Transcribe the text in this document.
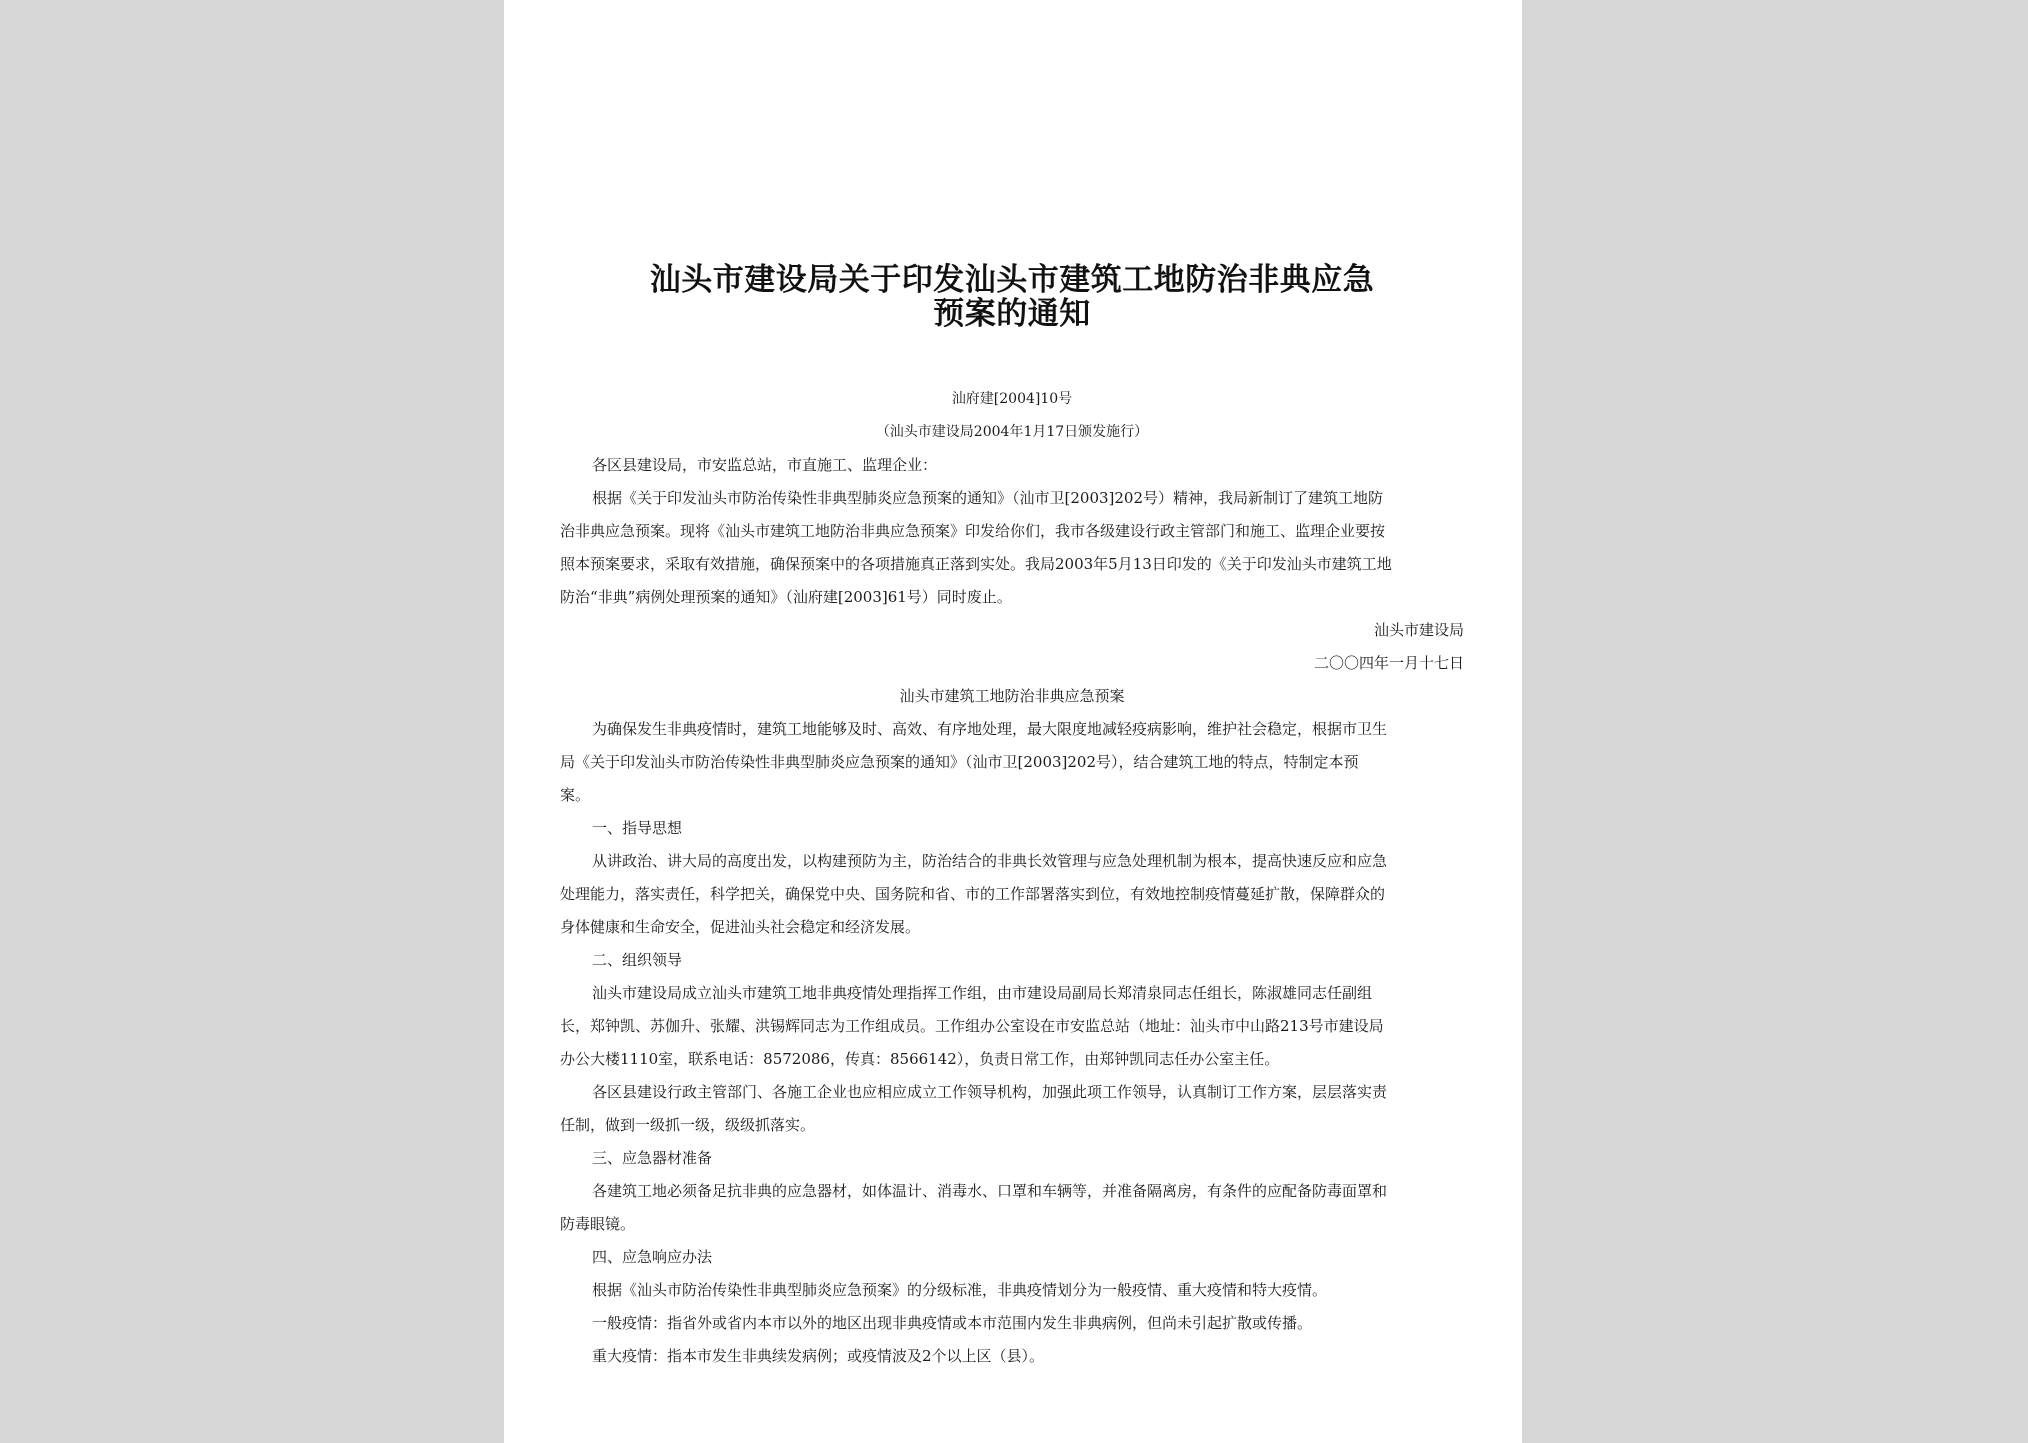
汕头市建设局关于印发汕头市建筑工地防治非典应急
预案的通知
汕府建[2004]10号
（汕头市建设局2004年1月17日颁发施行）
各区县建设局，市安监总站，市直施工、监理企业：
根据《关于印发汕头市防治传染性非典型肺炎应急预案的通知》（汕市卫[2003]202号）精神，我局新制订了建筑工地防
治非典应急预案。现将《汕头市建筑工地防治非典应急预案》印发给你们，我市各级建设行政主管部门和施工、监理企业要按
照本预案要求，采取有效措施，确保预案中的各项措施真正落到实处。我局2003年5月13日印发的《关于印发汕头市建筑工地
防治“非典”病例处理预案的通知》（汕府建[2003]61号）同时废止。
汕头市建设局
二〇〇四年一月十七日
汕头市建筑工地防治非典应急预案
为确保发生非典疫情时，建筑工地能够及时、高效、有序地处理，最大限度地减轻疫病影响，维护社会稳定，根据市卫生
局《关于印发汕头市防治传染性非典型肺炎应急预案的通知》（汕市卫[2003]202号），结合建筑工地的特点，特制定本预
案。
一、指导思想
从讲政治、讲大局的高度出发，以构建预防为主，防治结合的非典长效管理与应急处理机制为根本，提高快速反应和应急
处理能力，落实责任，科学把关，确保党中央、国务院和省、市的工作部署落实到位，有效地控制疫情蔓延扩散，保障群众的
身体健康和生命安全，促进汕头社会稳定和经济发展。
二、组织领导
汕头市建设局成立汕头市建筑工地非典疫情处理指挥工作组，由市建设局副局长郑清泉同志任组长，陈淑雄同志任副组
长，郑钟凯、苏伽升、张耀、洪锡辉同志为工作组成员。工作组办公室设在市安监总站（地址：汕头市中山路213号市建设局
办公大楼1110室，联系电话：8572086，传真：8566142），负责日常工作，由郑钟凯同志任办公室主任。
各区县建设行政主管部门、各施工企业也应相应成立工作领导机构，加强此项工作领导，认真制订工作方案，层层落实责
任制，做到一级抓一级，级级抓落实。
三、应急器材准备
各建筑工地必须备足抗非典的应急器材，如体温计、消毒水、口罩和车辆等，并准备隔离房，有条件的应配备防毒面罩和
防毒眼镜。
四、应急响应办法
根据《汕头市防治传染性非典型肺炎应急预案》的分级标准，非典疫情划分为一般疫情、重大疫情和特大疫情。
一般疫情：指省外或省内本市以外的地区出现非典疫情或本市范围内发生非典病例，但尚未引起扩散或传播。
重大疫情：指本市发生非典续发病例；或疫情波及2个以上区（县）。
